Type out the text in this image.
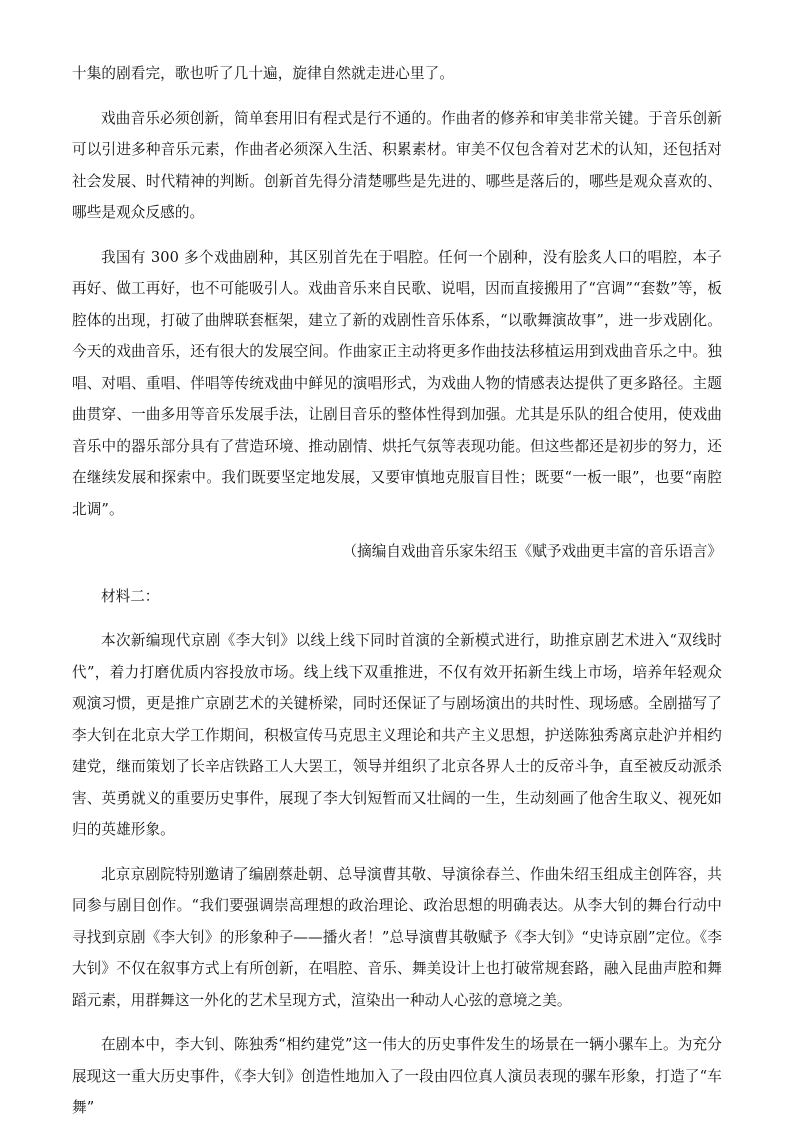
十集的剧看完，歌也听了几十遍，旋律自然就走进心里了。

戏曲音乐必须创新，简单套用旧有程式是行不通的。作曲者的修养和审美非常关键。于音乐创新可以引进多种音乐元素，作曲者必须深入生活、积累素材。审美不仅包含着对艺术的认知，还包括对社会发展、时代精神的判断。创新首先得分清楚哪些是先进的、哪些是落后的，哪些是观众喜欢的、哪些是观众反感的。

我国有 300 多个戏曲剧种，其区别首先在于唱腔。任何一个剧种，没有脍炙人口的唱腔，本子再好、做工再好，也不可能吸引人。戏曲音乐来自民歌、说唱，因而直接搬用了“宫调”“套数”等，板腔体的出现，打破了曲牌联套框架，建立了新的戏剧性音乐体系，“以歌舞演故事”，进一步戏剧化。今天的戏曲音乐，还有很大的发展空间。作曲家正主动将更多作曲技法移植运用到戏曲音乐之中。独唱、对唱、重唱、伴唱等传统戏曲中鲜见的演唱形式，为戏曲人物的情感表达提供了更多路径。主题曲贯穿、一曲多用等音乐发展手法，让剧目音乐的整体性得到加强。尤其是乐队的组合使用，使戏曲音乐中的器乐部分具有了营造环境、推动剧情、烘托气氛等表现功能。但这些都还是初步的努力，还在继续发展和探索中。我们既要坚定地发展，又要审慎地克服盲目性；既要“一板一眼”，也要“南腔北调”。

（摘编自戏曲音乐家朱绍玉《赋予戏曲更丰富的音乐语言》

材料二：

本次新编现代京剧《李大钊》以线上线下同时首演的全新模式进行，助推京剧艺术进入“双线时代”，着力打磨优质内容投放市场。线上线下双重推进，不仅有效开拓新生线上市场，培养年轻观众观演习惯，更是推广京剧艺术的关键桥梁，同时还保证了与剧场演出的共时性、现场感。全剧描写了李大钊在北京大学工作期间，积极宣传马克思主义理论和共产主义思想，护送陈独秀离京赴沪并相约建党，继而策划了长辛店铁路工人大罢工，领导并组织了北京各界人士的反帝斗争，直至被反动派杀害、英勇就义的重要历史事件，展现了李大钊短暂而又壮阔的一生，生动刻画了他舍生取义、视死如归的英雄形象。

北京京剧院特别邀请了编剧蔡赴朝、总导演曹其敬、导演徐春兰、作曲朱绍玉组成主创阵容，共同参与剧目创作。“我们要强调崇高理想的政治理论、政治思想的明确表达。从李大钊的舞台行动中寻找到京剧《李大钊》的形象种子——播火者！”总导演曹其敬赋予《李大钊》“史诗京剧”定位。《李大钊》不仅在叙事方式上有所创新，在唱腔、音乐、舞美设计上也打破常规套路，融入昆曲声腔和舞蹈元素，用群舞这一外化的艺术呈现方式，渲染出一种动人心弦的意境之美。

在剧本中，李大钊、陈独秀“相约建党”这一伟大的历史事件发生的场景在一辆小骡车上。为充分展现这一重大历史事件，《李大钊》创造性地加入了一段由四位真人演员表现的骡车形象，打造了“车舞”
